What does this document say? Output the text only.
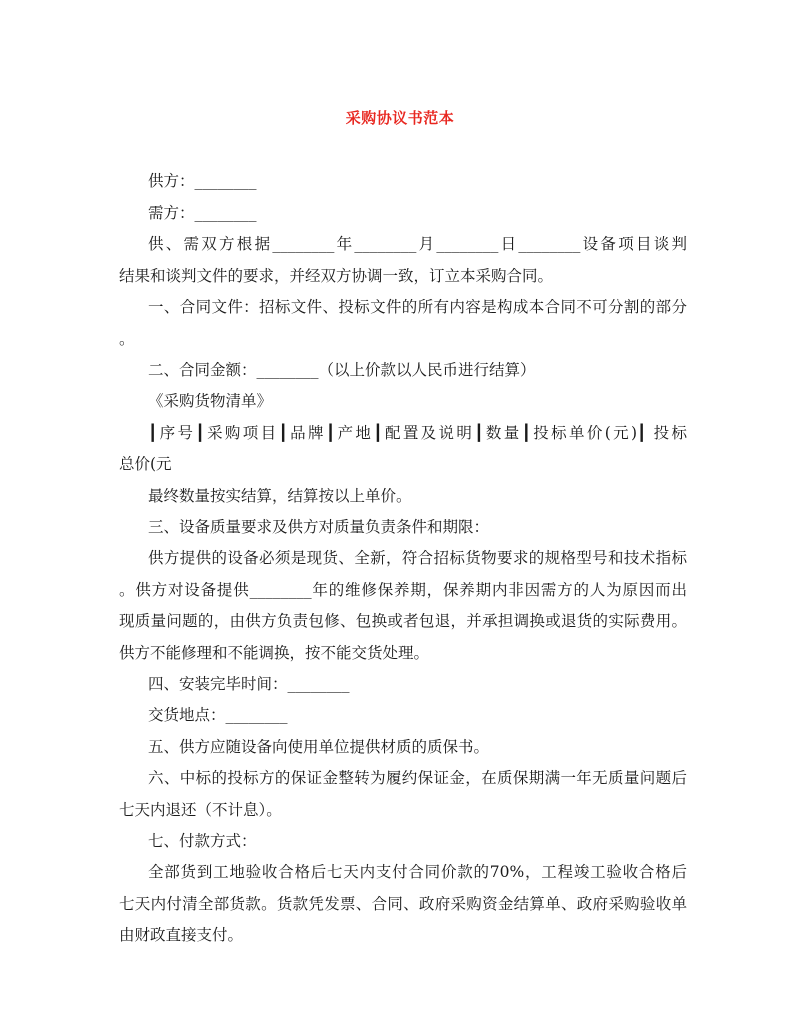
采购协议书范本
供方：________
需方：________
供、需双方根据________年________月________日________设备项目谈判
结果和谈判文件的要求，并经双方协调一致，订立本采购合同。
一、合同文件：招标文件、投标文件的所有内容是构成本合同不可分割的部分
。
二、合同金额：________（以上价款以人民币进行结算）
《采购货物清单》
┃序号┃采购项目┃品牌┃产地┃配置及说明┃数量┃投标单价(元)┃ 投标
总价(元
最终数量按实结算，结算按以上单价。
三、设备质量要求及供方对质量负责条件和期限：
供方提供的设备必须是现货、全新，符合招标货物要求的规格型号和技术指标
。供方对设备提供________年的维修保养期，保养期内非因需方的人为原因而出
现质量问题的，由供方负责包修、包换或者包退，并承担调换或退货的实际费用。
供方不能修理和不能调换，按不能交货处理。
四、安装完毕时间：________
交货地点：________
五、供方应随设备向使用单位提供材质的质保书。
六、中标的投标方的保证金整转为履约保证金，在质保期满一年无质量问题后
七天内退还（不计息）。
七、付款方式：
全部货到工地验收合格后七天内支付合同价款的70%，工程竣工验收合格后
七天内付清全部货款。货款凭发票、合同、政府采购资金结算单、政府采购验收单
由财政直接支付。
